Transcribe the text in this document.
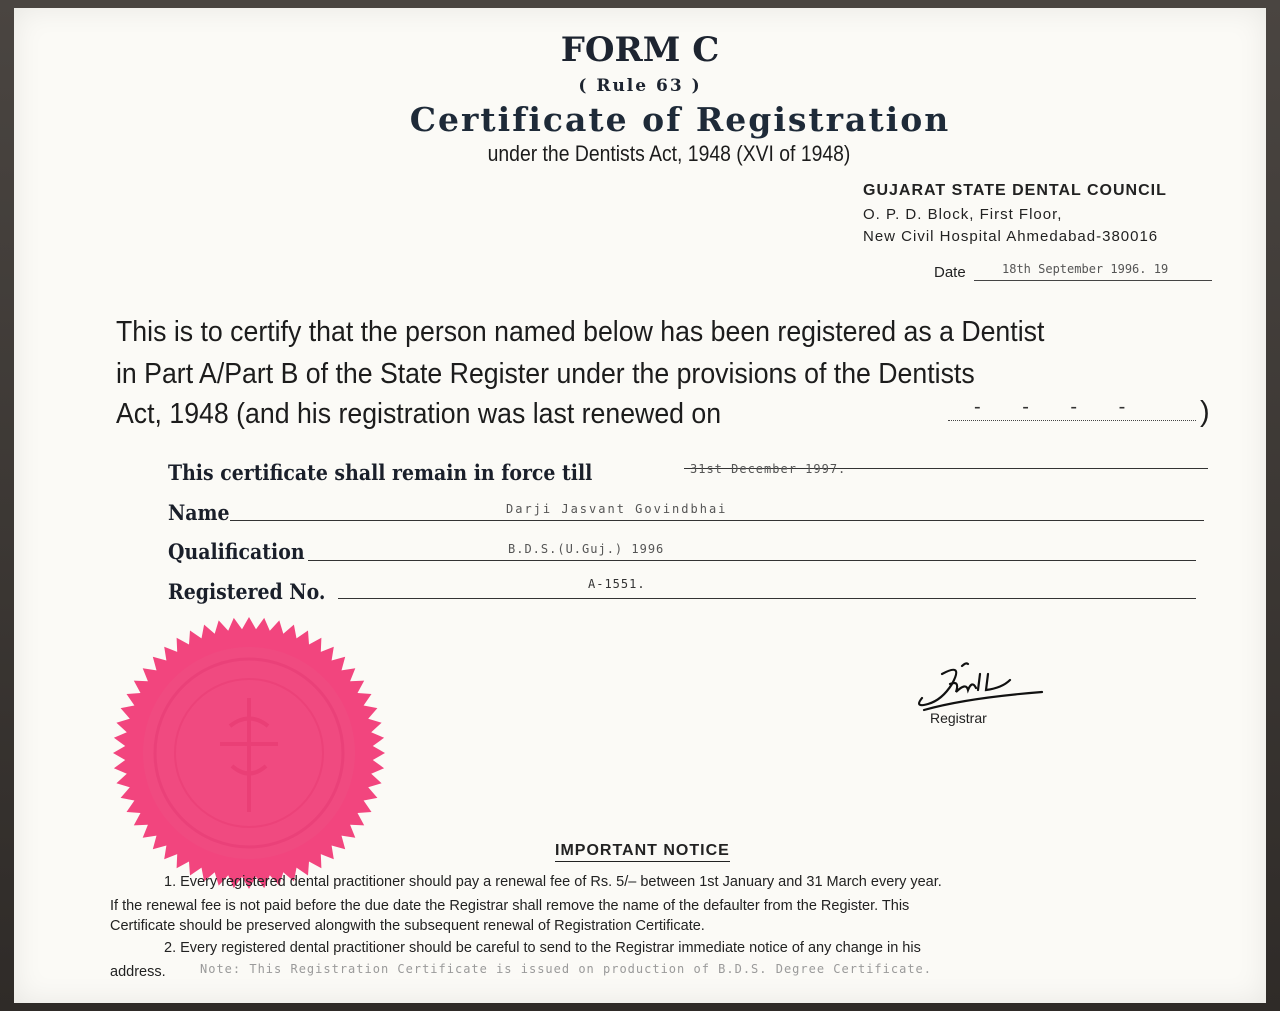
FORM C
( Rule 63 )
Certificate of Registration
under the Dentists Act, 1948 (XVI of 1948)
GUJARAT STATE DENTAL COUNCIL
O. P. D. Block, First Floor,
New Civil Hospital Ahmedabad-380016
Date	18th September 1996. 19
This is to certify that the person named below has been registered as a Dentist
in Part A/Part B of the State Register under the provisions of the Dentists
Act, 1948 (and his registration was last renewed on	- - - - )
This certificate shall remain in force till	31st December 1997.
Name	Darji Jasvant Govindbhai
Qualification	B.D.S.(U.Guj.) 1996
Registered No.	A-1551.
Registrar
IMPORTANT NOTICE
1. Every registered dental practitioner should pay a renewal fee of Rs. 5/– between 1st January and 31 March every year.
If the renewal fee is not paid before the due date the Registrar shall remove the name of the defaulter from the Register. This
Certificate should be preserved alongwith the subsequent renewal of Registration Certificate.
2. Every registered dental practitioner should be careful to send to the Registrar immediate notice of any change in his
address.	Note: This Registration Certificate is issued on production of B.D.S. Degree Certificate.
